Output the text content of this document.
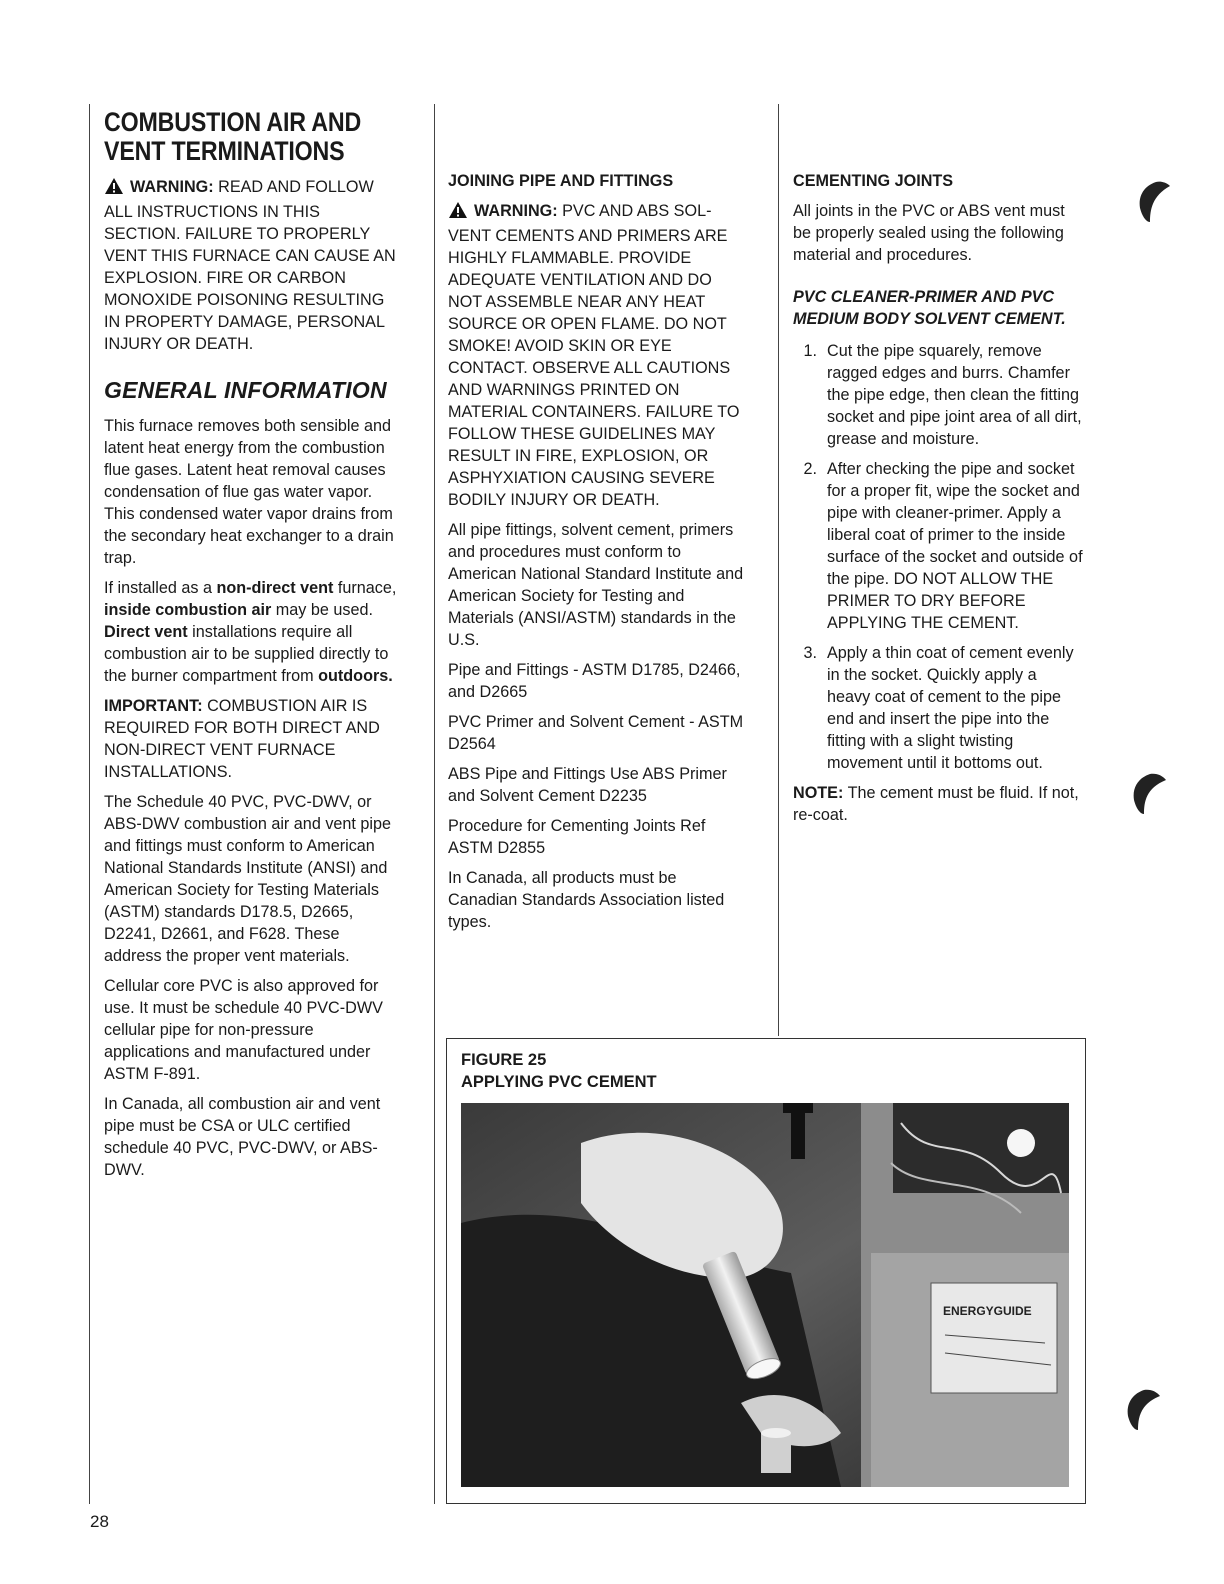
COMBUSTION AIR AND
VENT TERMINATIONS

WARNING: READ AND FOLLOW ALL INSTRUCTIONS IN THIS SECTION. FAILURE TO PROPERLY VENT THIS FURNACE CAN CAUSE AN EXPLOSION. FIRE OR CARBON MONOXIDE POISONING RESULTING IN PROPERTY DAMAGE, PERSONAL INJURY OR DEATH.

GENERAL INFORMATION

This furnace removes both sensible and latent heat energy from the combustion flue gases. Latent heat removal causes condensation of flue gas water vapor. This condensed water vapor drains from the secondary heat exchanger to a drain trap.

If installed as a non-direct vent furnace, inside combustion air may be used. Direct vent installations require all combustion air to be supplied directly to the burner compartment from outdoors.

IMPORTANT: COMBUSTION AIR IS REQUIRED FOR BOTH DIRECT AND NON-DIRECT VENT FURNACE INSTALLATIONS.

The Schedule 40 PVC, PVC-DWV, or ABS-DWV combustion air and vent pipe and fittings must conform to American National Standards Institute (ANSI) and American Society for Testing Materials (ASTM) standards D178.5, D2665, D2241, D2661, and F628. These address the proper vent materials.

Cellular core PVC is also approved for use. It must be schedule 40 PVC-DWV cellular pipe for non-pressure applications and manufactured under ASTM F-891.

In Canada, all combustion air and vent pipe must be CSA or ULC certified schedule 40 PVC, PVC-DWV, or ABS-DWV.

JOINING PIPE AND FITTINGS

WARNING: PVC AND ABS SOL-VENT CEMENTS AND PRIMERS ARE HIGHLY FLAMMABLE. PROVIDE ADEQUATE VENTILATION AND DO NOT ASSEMBLE NEAR ANY HEAT SOURCE OR OPEN FLAME. DO NOT SMOKE! AVOID SKIN OR EYE CONTACT. OBSERVE ALL CAUTIONS AND WARNINGS PRINTED ON MATERIAL CONTAINERS. FAILURE TO FOLLOW THESE GUIDELINES MAY RESULT IN FIRE, EXPLOSION, OR ASPHYXIATION CAUSING SEVERE BODILY INJURY OR DEATH.

All pipe fittings, solvent cement, primers and procedures must conform to American National Standard Institute and American Society for Testing and Materials (ANSI/ASTM) standards in the U.S.

Pipe and Fittings - ASTM D1785, D2466, and D2665

PVC Primer and Solvent Cement - ASTM D2564

ABS Pipe and Fittings Use ABS Primer and Solvent Cement D2235

Procedure for Cementing Joints Ref ASTM D2855

In Canada, all products must be Canadian Standards Association listed types.

CEMENTING JOINTS

All joints in the PVC or ABS vent must be properly sealed using the following material and procedures.

PVC CLEANER-PRIMER AND PVC MEDIUM BODY SOLVENT CEMENT.
1. Cut the pipe squarely, remove ragged edges and burrs. Chamfer the pipe edge, then clean the fitting socket and pipe joint area of all dirt, grease and moisture.
2. After checking the pipe and socket for a proper fit, wipe the socket and pipe with cleaner-primer. Apply a liberal coat of primer to the inside surface of the socket and outside of the pipe. DO NOT ALLOW THE PRIMER TO DRY BEFORE APPLYING THE CEMENT.
3. Apply a thin coat of cement evenly in the socket. Quickly apply a heavy coat of cement to the pipe end and insert the pipe into the fitting with a slight twisting movement until it bottoms out.

NOTE: The cement must be fluid. If not, re-coat.

FIGURE 25
APPLYING PVC CEMENT
ENERGYGUIDE
28
